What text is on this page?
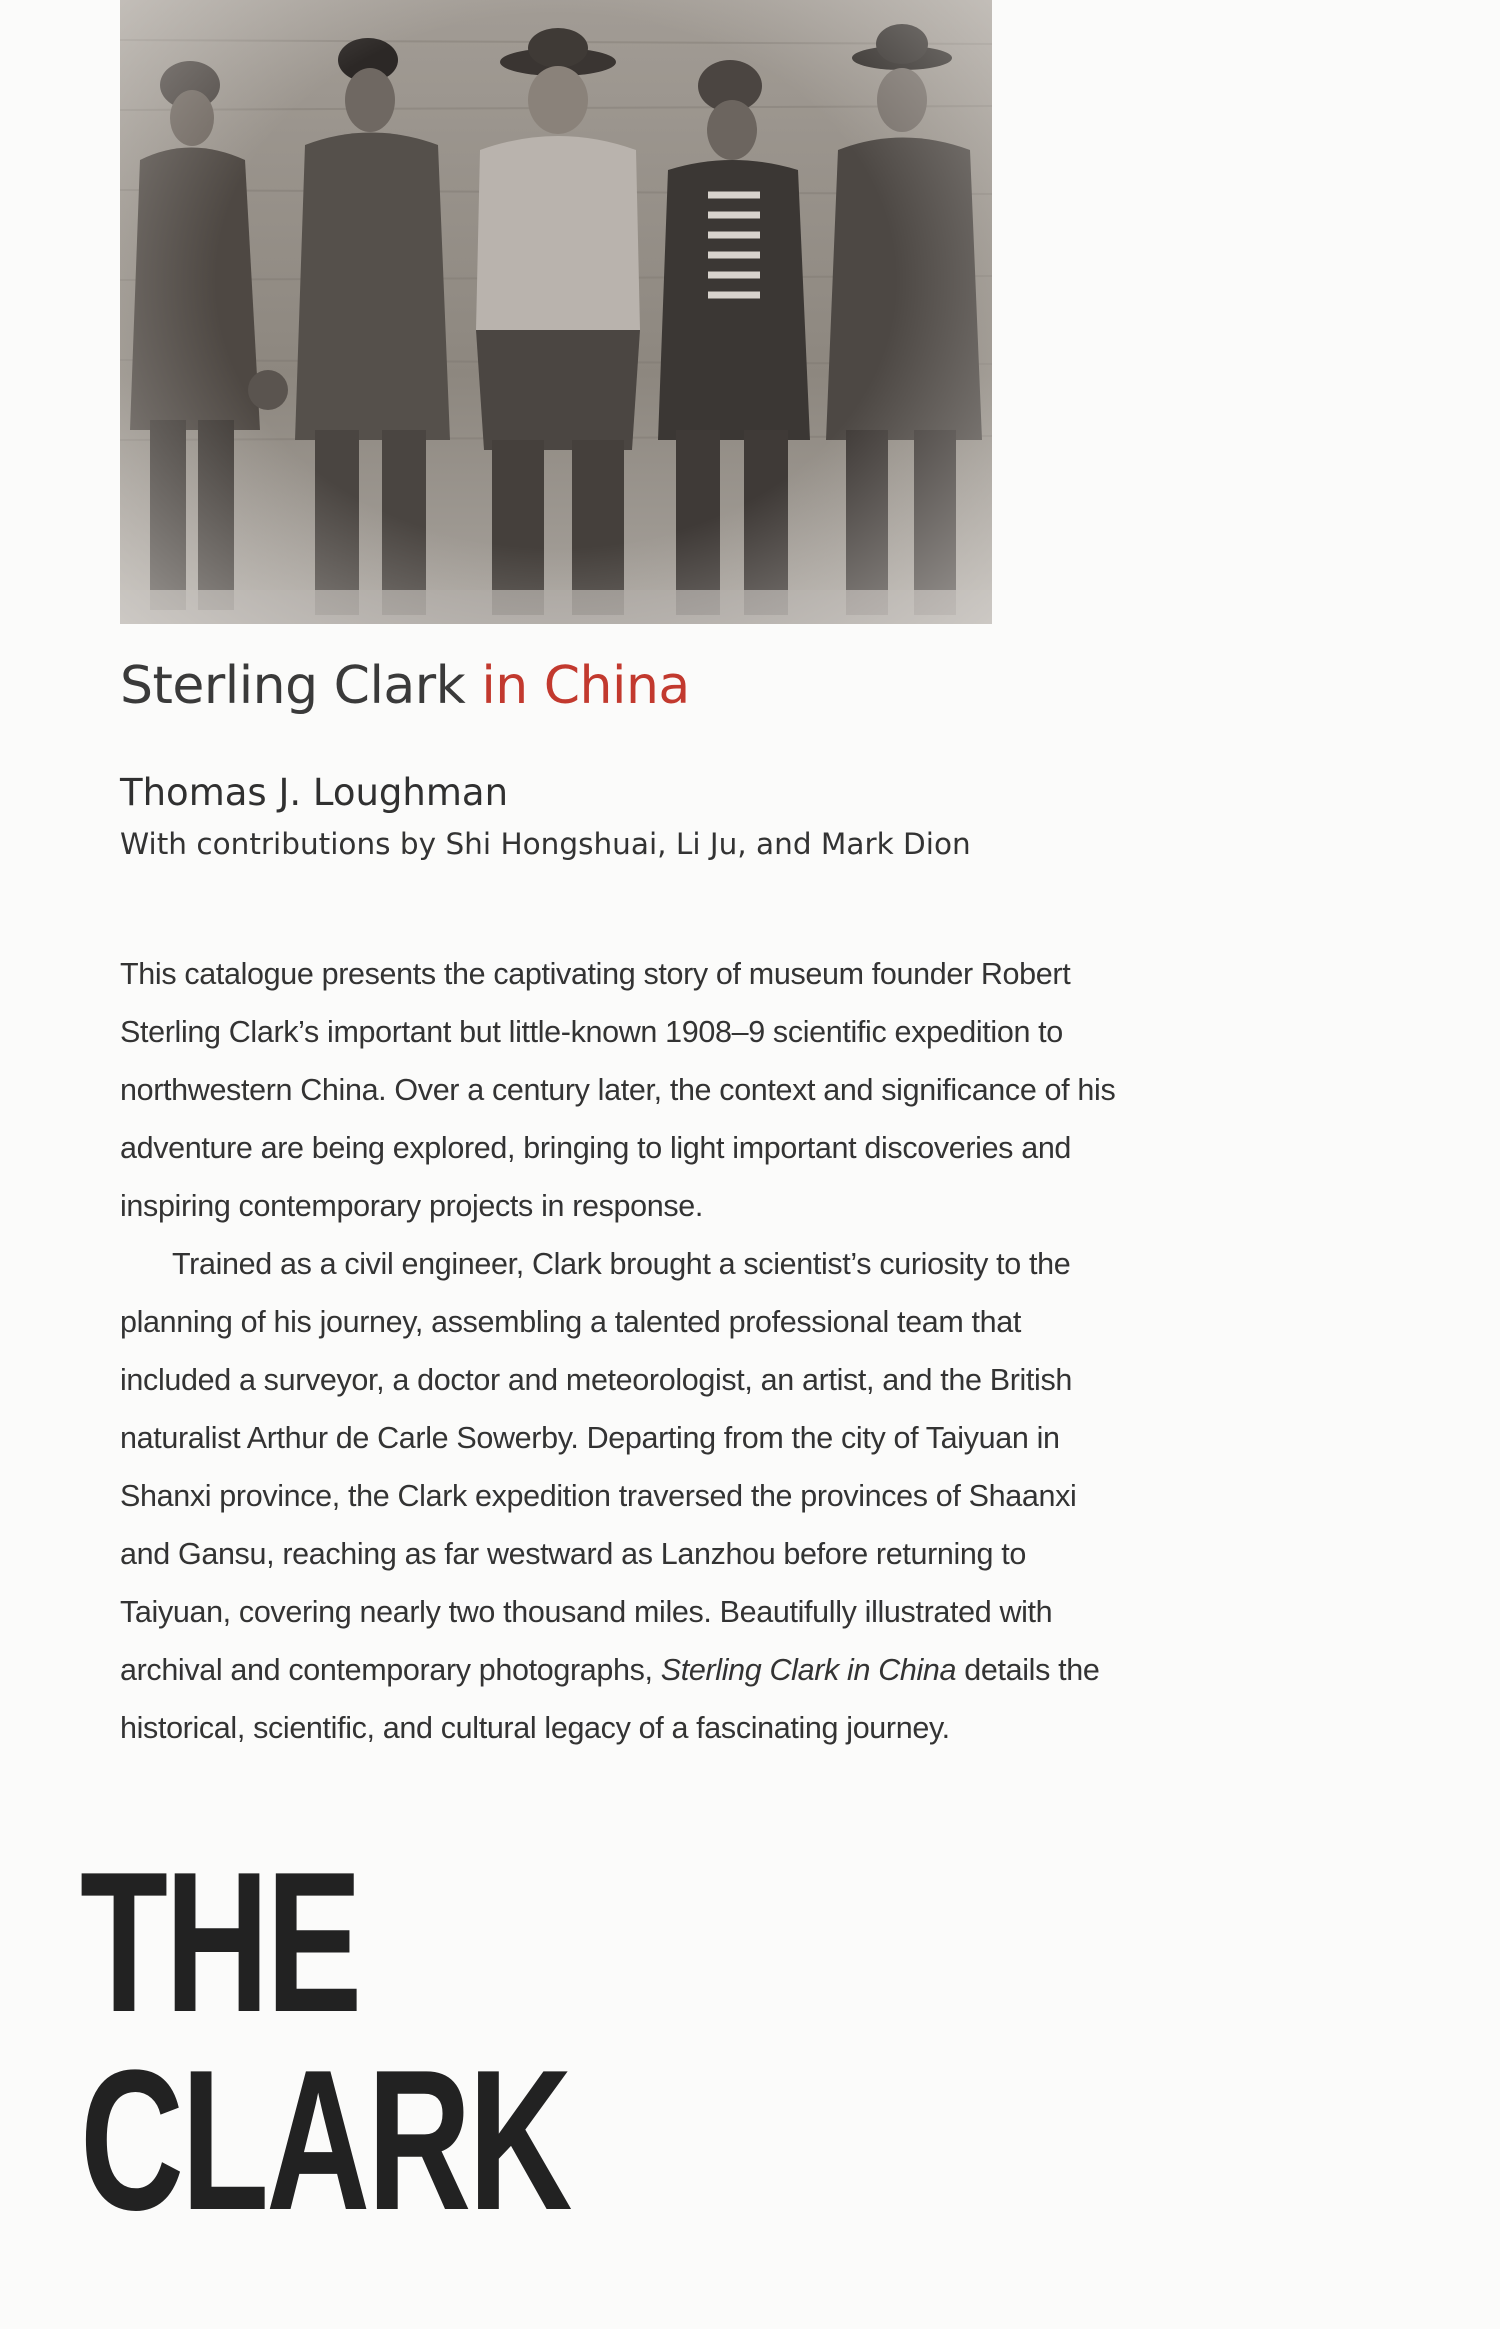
Sterling Clark in China
Thomas J. Loughman
With contributions by Shi Hongshuai, Li Ju, and Mark Dion
This catalogue presents the captivating story of museum founder Robert
Sterling Clark’s important but little-known 1908–9 scientific expedition to
northwestern China. Over a century later, the context and significance of his
adventure are being explored, bringing to light important discoveries and
inspiring contemporary projects in response.
Trained as a civil engineer, Clark brought a scientist’s curiosity to the
planning of his journey, assembling a talented professional team that
included a surveyor, a doctor and meteorologist, an artist, and the British
naturalist Arthur de Carle Sowerby. Departing from the city of Taiyuan in
Shanxi province, the Clark expedition traversed the provinces of Shaanxi
and Gansu, reaching as far westward as Lanzhou before returning to
Taiyuan, covering nearly two thousand miles. Beautifully illustrated with
archival and contemporary photographs, Sterling Clark in China details the
historical, scientific, and cultural legacy of a fascinating journey.
THE
CLARK
